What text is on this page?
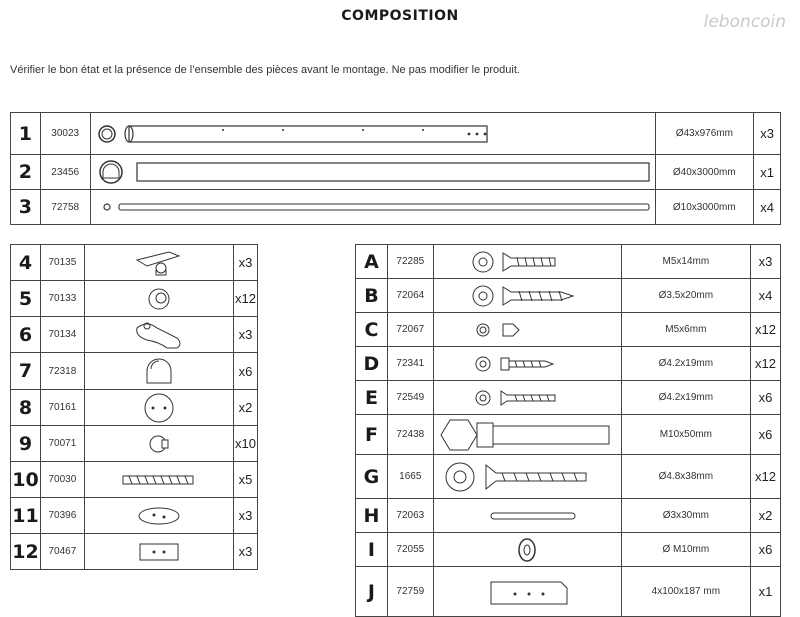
COMPOSITION	leboncoin
Vérifier le bon état et la présence de l’ensemble des pièces avant le montage. Ne pas modifier le produit.
1	30023		Ø43x976mm	x3
2	23456		Ø40x3000mm	x1
3	72758		Ø10x3000mm	x4
4	70135		x3
5	70133		x12
6	70134		x3
7	72318		x6
8	70161		x2
9	70071		x10
10	70030		x5
11	70396		x3
12	70467		x3
A	72285		M5x14mm	x3
B	72064		Ø3.5x20mm	x4
C	72067		M5x6mm	x12
D	72341		Ø4.2x19mm	x12
E	72549		Ø4.2x19mm	x6
F	72438		M10x50mm	x6
G	1665		Ø4.8x38mm	x12
H	72063		Ø3x30mm	x2
I	72055		Ø M10mm	x6
J	72759		4x100x187 mm	x1
